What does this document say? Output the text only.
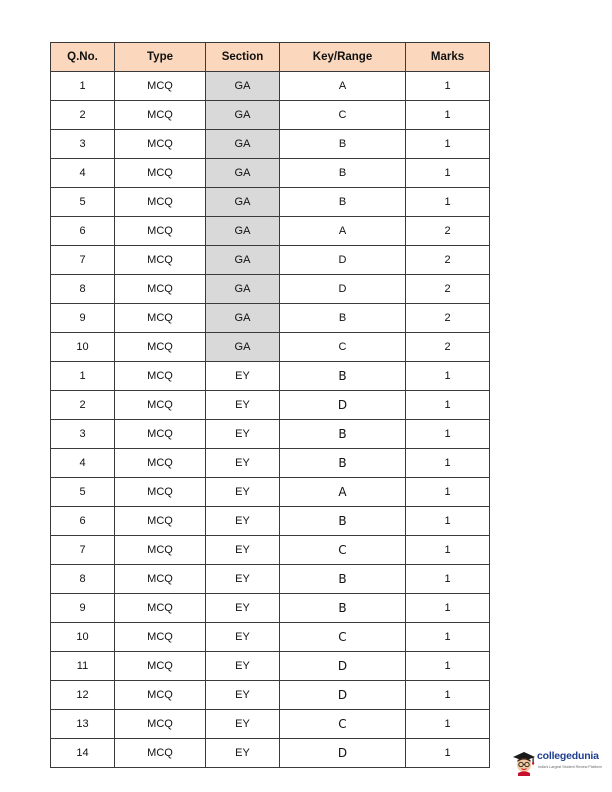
Q.No.	Type	Section	Key/Range	Marks
1	MCQ	GA	A	1
2	MCQ	GA	C	1
3	MCQ	GA	B	1
4	MCQ	GA	B	1
5	MCQ	GA	B	1
6	MCQ	GA	A	2
7	MCQ	GA	D	2
8	MCQ	GA	D	2
9	MCQ	GA	B	2
10	MCQ	GA	C	2
1	MCQ	EY	B	1
2	MCQ	EY	D	1
3	MCQ	EY	B	1
4	MCQ	EY	B	1
5	MCQ	EY	A	1
6	MCQ	EY	B	1
7	MCQ	EY	C	1
8	MCQ	EY	B	1
9	MCQ	EY	B	1
10	MCQ	EY	C	1
11	MCQ	EY	D	1
12	MCQ	EY	D	1
13	MCQ	EY	C	1
14	MCQ	EY	D	1	collegedunia
India's Largest Student Review Platform
